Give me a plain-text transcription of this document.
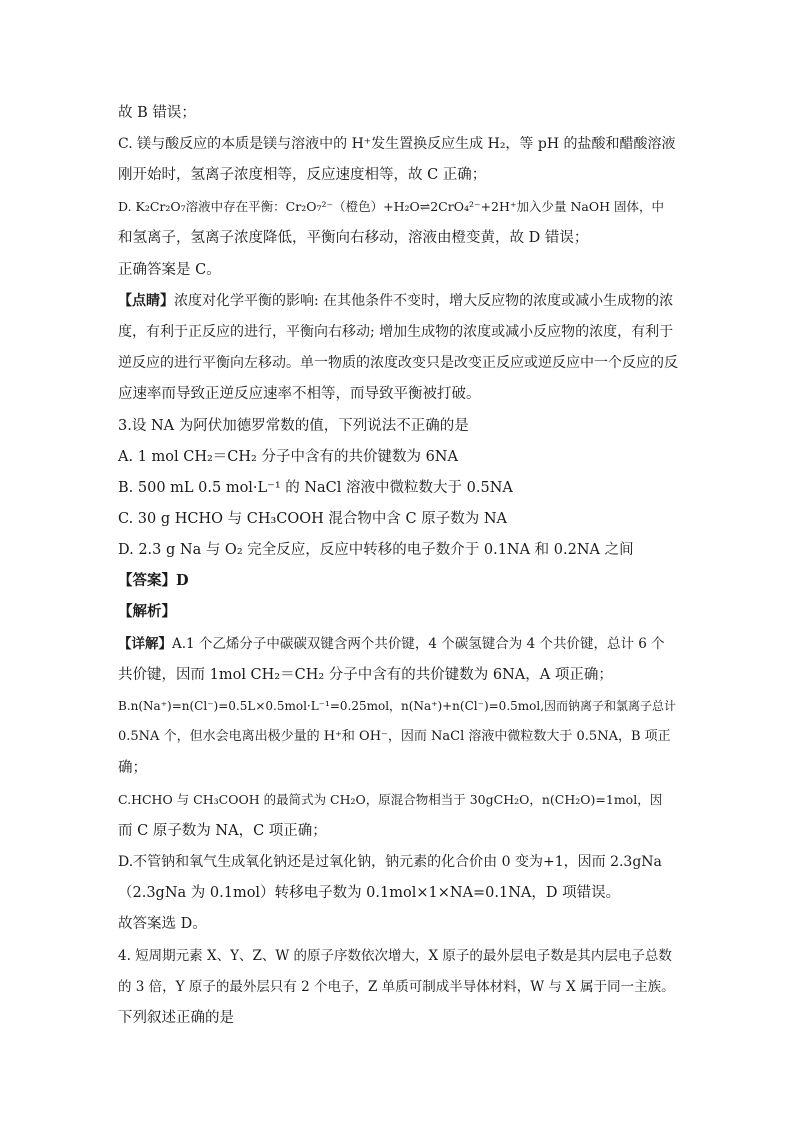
故 B 错误；
C. 镁与酸反应的本质是镁与溶液中的 H⁺发生置换反应生成 H₂，等 pH 的盐酸和醋酸溶液
刚开始时，氢离子浓度相等，反应速度相等，故 C 正确；
D. K₂Cr₂O₇溶液中存在平衡：Cr₂O₇²⁻（橙色）+H₂O⇌2CrO₄²⁻+2H⁺加入少量 NaOH 固体，中
和氢离子，氢离子浓度降低，平衡向右移动，溶液由橙变黄，故 D 错误；
正确答案是 C。
【点睛】浓度对化学平衡的影响: 在其他条件不变时，增大反应物的浓度或减小生成物的浓
度，有利于正反应的进行，平衡向右移动; 增加生成物的浓度或减小反应物的浓度，有利于
逆反应的进行平衡向左移动。单一物质的浓度改变只是改变正反应或逆反应中一个反应的反
应速率而导致正逆反应速率不相等，而导致平衡被打破。
3.设 NA 为阿伏加德罗常数的值，下列说法不正确的是
A. 1 mol CH₂＝CH₂ 分子中含有的共价键数为 6NA
B. 500 mL 0.5 mol·L⁻¹ 的 NaCl 溶液中微粒数大于 0.5NA
C. 30 g HCHO 与 CH₃COOH 混合物中含 C 原子数为 NA
D. 2.3 g Na 与 O₂ 完全反应，反应中转移的电子数介于 0.1NA 和 0.2NA 之间
【答案】D
【解析】
【详解】A.1 个乙烯分子中碳碳双键含两个共价键，4 个碳氢键合为 4 个共价键，总计 6 个
共价键，因而 1mol CH₂＝CH₂ 分子中含有的共价键数为 6NA，A 项正确；
B.n(Na⁺)=n(Cl⁻)=0.5L×0.5mol·L⁻¹=0.25mol，n(Na⁺)+n(Cl⁻)=0.5mol,因而钠离子和氯离子总计
0.5NA 个，但水会电离出极少量的 H⁺和 OH⁻，因而 NaCl 溶液中微粒数大于 0.5NA，B 项正
确；
C.HCHO 与 CH₃COOH 的最简式为 CH₂O，原混合物相当于 30gCH₂O，n(CH₂O)=1mol，因
而 C 原子数为 NA，C 项正确；
D.不管钠和氧气生成氧化钠还是过氧化钠，钠元素的化合价由 0 变为+1，因而 2.3gNa
（2.3gNa 为 0.1mol）转移电子数为 0.1mol×1×NA=0.1NA，D 项错误。
故答案选 D。
4. 短周期元素 X、Y、Z、W 的原子序数依次增大，X 原子的最外层电子数是其内层电子总数
的 3 倍，Y 原子的最外层只有 2 个电子，Z 单质可制成半导体材料，W 与 X 属于同一主族。
下列叙述正确的是
